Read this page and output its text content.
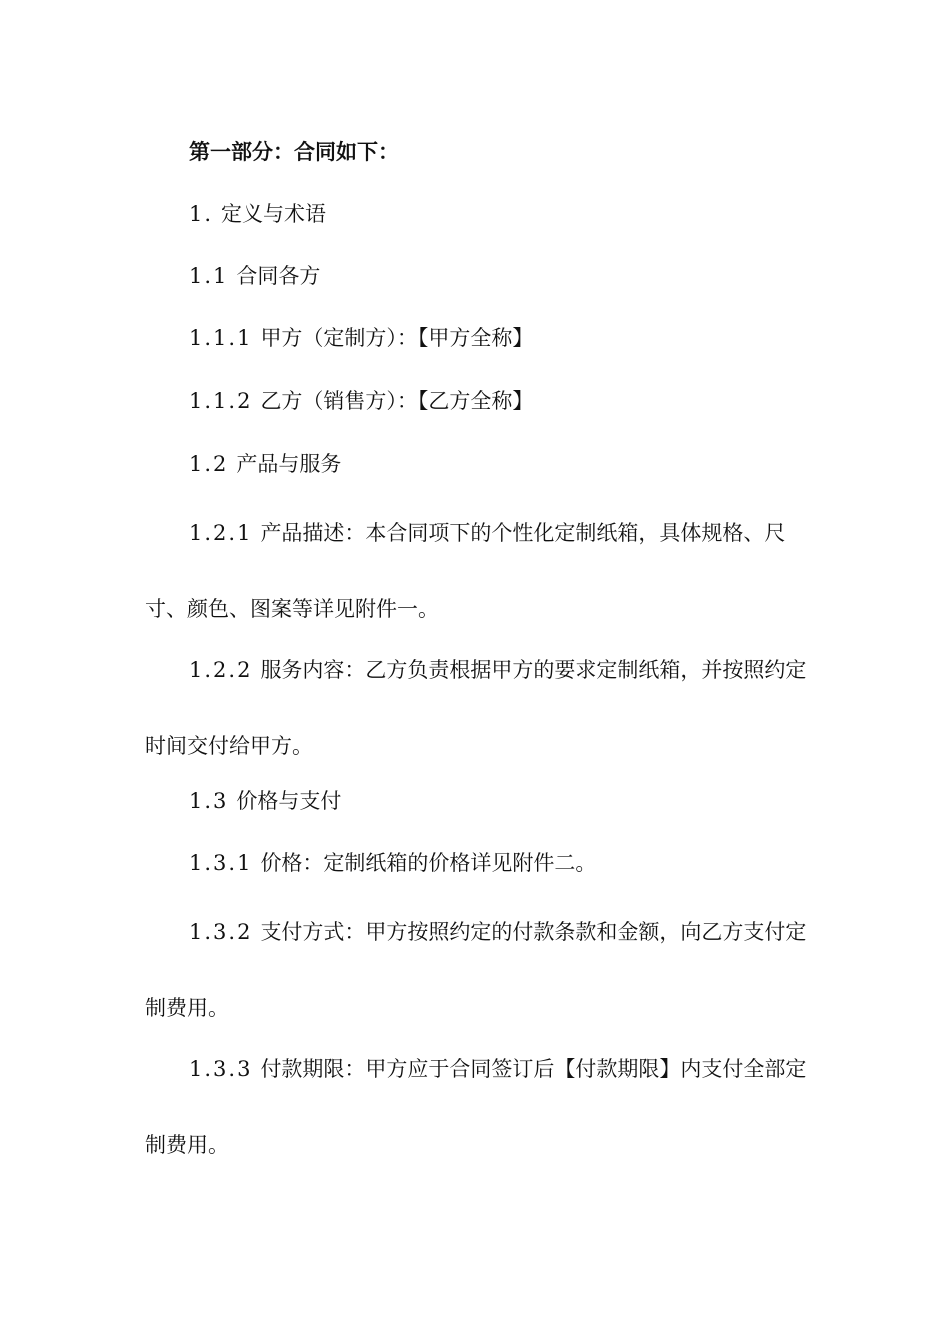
第一部分：合同如下：

1. 定义与术语

1.1 合同各方

1.1.1 甲方（定制方）：【甲方全称】

1.1.2 乙方（销售方）：【乙方全称】

1.2 产品与服务

1.2.1 产品描述：本合同项下的个性化定制纸箱，具体规格、尺寸、颜色、图案等详见附件一。

1.2.2 服务内容：乙方负责根据甲方的要求定制纸箱，并按照约定时间交付给甲方。

1.3 价格与支付

1.3.1 价格：定制纸箱的价格详见附件二。

1.3.2 支付方式：甲方按照约定的付款条款和金额，向乙方支付定制费用。

1.3.3 付款期限：甲方应于合同签订后【付款期限】内支付全部定制费用。
